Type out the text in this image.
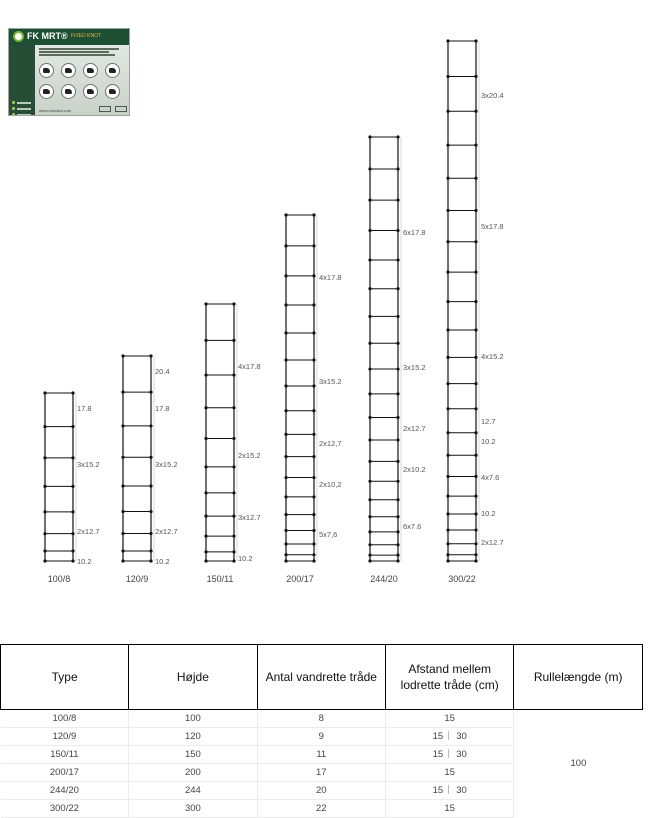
FK MRT® FIXED KNOT
www.mocoka.com
17.8
3x15.2
2x12.7
10.2
100/8
20.4
17.8
3x15.2
2x12.7
10.2
120/9
4x17.8
2x15.2
3x12.7
10.2
150/11
4x17.8
3x15.2
2x12,7
2x10,2
5x7,6
200/17
6x17.8
3x15.2
2x12.7
2x10.2
6x7.6
244/20
3x20.4
5x17.8
4x15.2
12.7
10.2
4x7.6
10.2
2x12.7
300/22
Type	Højde	Antal vandrette tråde	Afstand mellem lodrette tråde (cm)	Rullelængde (m)
100/8	100	8	15	100
120/9	120	9	15 30	
150/11	150	11	15 30	
200/17	200	17	15	
244/20	244	20	15 30	
300/22	300	22	15	
